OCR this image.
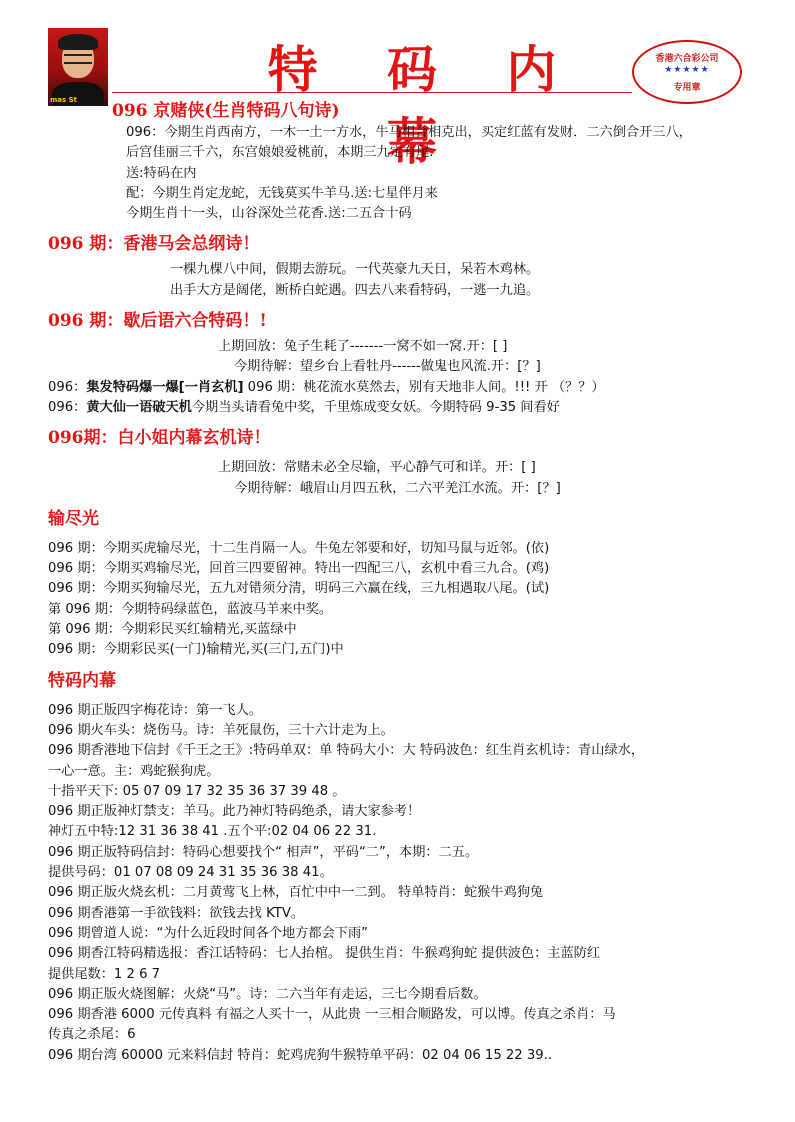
mas St
特 码 内 幕
香港六合彩公司
★★★★★
专用章
096 京赌侠(生肖特码八句诗)
096：今期生肖西南方，一木一土一方水，牛马相合相克出，买定红蓝有发财．二六倒合开三八，
后宫佳丽三千六，东宫娘娘爱桃前，本期三九定有尾.
送:特码在内
配：今期生肖定龙蛇，无钱莫买牛羊马.送:七星伴月来
今期生肖十一头，山谷深处兰花香.送:二五合十码
096 期：香港马会总纲诗！
一棵九棵八中间，假期去游玩。一代英豪九天日，呆若木鸡林。
出手大方是阔佬，断桥白蛇遇。四去八来看特码，一逃一九追。
096 期：歇后语六合特码！!
上期回放：兔子生耗了-------一窝不如一窝.开：[ ]
今期待解：望乡台上看牡丹------做鬼也风流.开：[？]
096：集发特码爆一爆[一肖玄机] 096 期：桃花流水莫然去，别有天地非人间。!!! 开 （？？）
096：黄大仙一语破天机今期当头请看兔中奖，千里炼成变女妖。今期特码 9-35 间看好
096期：白小姐内幕玄机诗！
上期回放：常赌未必全尽输，平心静气可和详。开：[ ]
今期待解：峨眉山月四五秋，二六平羌江水流。开：[？]
输尽光
096 期：今期买虎输尽光，十二生肖隔一人。牛兔左邻要和好，切知马鼠与近邻。(依)
096 期：今期买鸡输尽光，回首三四要留神。特出一四配三八，玄机中看三九合。(鸡)
096 期：今期买狗输尽光，五九对错须分清，明码三六赢在线，三九相遇取八尾。(试)
第 096 期：今期特码绿蓝色，蓝波马羊来中奖。
第 096 期：今期彩民买红输精光,买蓝绿中
096 期：今期彩民买(一门)输精光,买(三门,五门)中
特码内幕
096 期正版四字梅花诗：第一飞人。
096 期火车头：烧伤马。诗：羊死鼠伤，三十六计走为上。
096 期香港地下信封《千王之王》:特码单双：单 特码大小：大 特码波色：红生肖玄机诗：青山绿水，
一心一意。主：鸡蛇猴狗虎。
十指平天下: 05 07 09 17 32 35 36 37 39 48 。
096 期正版神灯禁支：羊马。此乃神灯特码绝杀，请大家参考！
神灯五中特:12 31 36 38 41 .五个平:02 04 06 22 31.
096 期正版特码信封：特码心想要找个“ 相声”，平码“二”，本期：二五。
提供号码：01 07 08 09 24 31 35 36 38 41。
096 期正版火烧玄机：二月黄莺飞上林，百忙中中一二到。 特单特肖：蛇猴牛鸡狗兔
096 期香港第一手欲钱料：欲钱去找 KTV。
096 期曾道人说：“为什么近段时间各个地方都会下雨”
096 期香江特码精选报：香江话特码：七人抬棺。 提供生肖：牛猴鸡狗蛇 提供波色：主蓝防红
提供尾数：1 2 6 7
096 期正版火烧图解：火烧“马”。诗：二六当年有走运，三七今期看后数。
096 期香港 6000 元传真料 有福之人买十一，从此贵 一三相合顺路发，可以博。传真之杀肖：马
传真之杀尾：6
096 期台湾 60000 元来料信封 特肖：蛇鸡虎狗牛猴特单平码：02 04 06 15 22 39..
